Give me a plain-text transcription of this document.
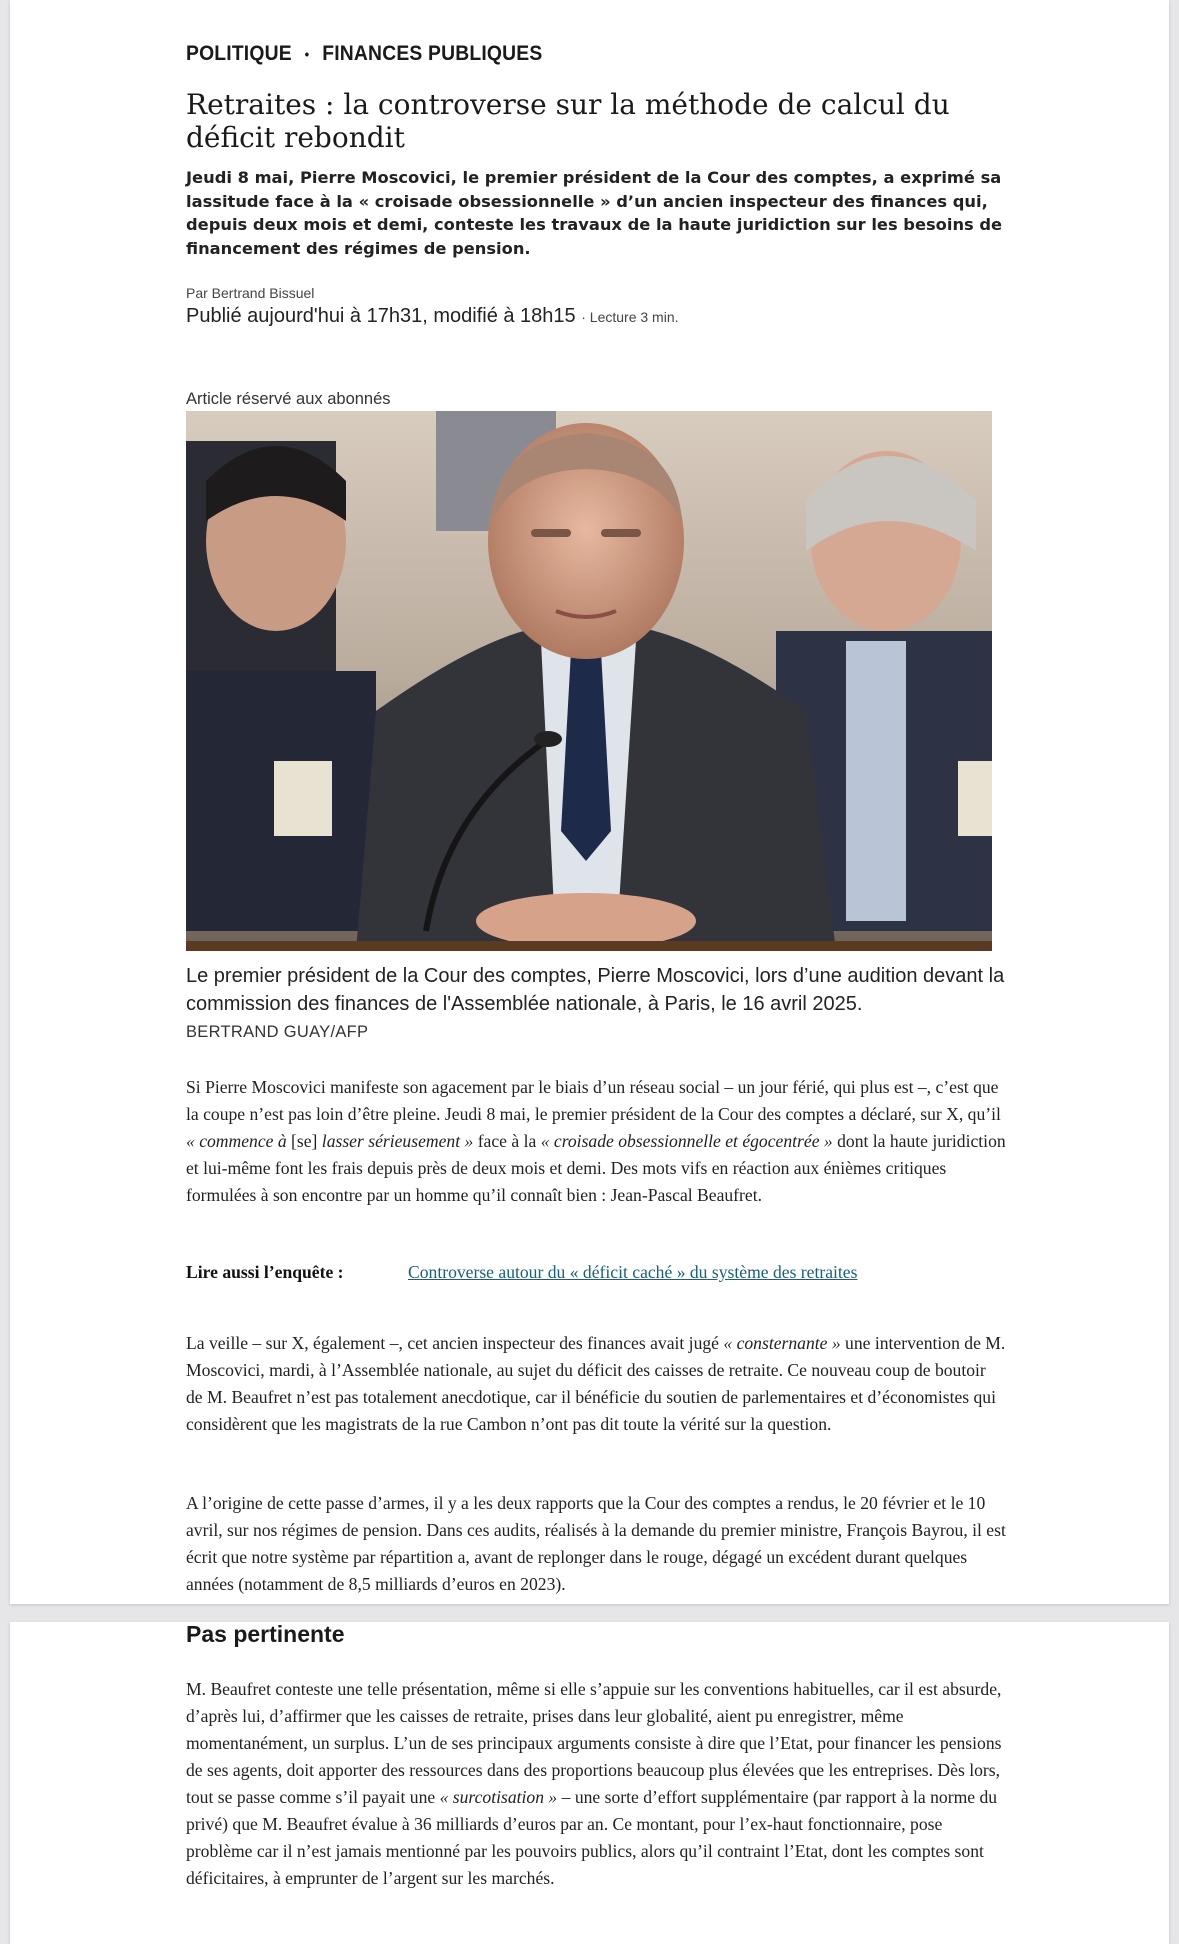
POLITIQUE • FINANCES PUBLIQUES
Retraites : la controverse sur la méthode de calcul du déficit rebondit

Jeudi 8 mai, Pierre Moscovici, le premier président de la Cour des comptes, a exprimé sa lassitude face à la « croisade obsessionnelle » d’un ancien inspecteur des finances qui, depuis deux mois et demi, conteste les travaux de la haute juridiction sur les besoins de financement des régimes de pension.

Par Bertrand Bissuel
Publié aujourd'hui à 17h31, modifié à 18h15 · Lecture 3 min.
Article réservé aux abonnés

Le premier président de la Cour des comptes, Pierre Moscovici, lors d’une audition devant la commission des finances de l'Assemblée nationale, à Paris, le 16 avril 2025.

BERTRAND GUAY/AFP

Si Pierre Moscovici manifeste son agacement par le biais d’un réseau social – un jour férié, qui plus est –, c’est que la coupe n’est pas loin d’être pleine. Jeudi 8 mai, le premier président de la Cour des comptes a déclaré, sur X, qu’il « commence à [se] lasser sérieusement » face à la « croisade obsessionnelle et égocentrée » dont la haute juridiction et lui-même font les frais depuis près de deux mois et demi. Des mots vifs en réaction aux énièmes critiques formulées à son encontre par un homme qu’il connaît bien : Jean-Pascal Beaufret.

Lire aussi l’enquête :	Controverse autour du « déficit caché » du système des retraites

La veille – sur X, également –, cet ancien inspecteur des finances avait jugé « consternante » une intervention de M. Moscovici, mardi, à l’Assemblée nationale, au sujet du déficit des caisses de retraite. Ce nouveau coup de boutoir de M. Beaufret n’est pas totalement anecdotique, car il bénéficie du soutien de parlementaires et d’économistes qui considèrent que les magistrats de la rue Cambon n’ont pas dit toute la vérité sur la question.

A l’origine de cette passe d’armes, il y a les deux rapports que la Cour des comptes a rendus, le 20 février et le 10 avril, sur nos régimes de pension. Dans ces audits, réalisés à la demande du premier ministre, François Bayrou, il est écrit que notre système par répartition a, avant de replonger dans le rouge, dégagé un excédent durant quelques années (notamment de 8,5 milliards d’euros en 2023).

Pas pertinente

M. Beaufret conteste une telle présentation, même si elle s’appuie sur les conventions habituelles, car il est absurde, d’après lui, d’affirmer que les caisses de retraite, prises dans leur globalité, aient pu enregistrer, même momentanément, un surplus. L’un de ses principaux arguments consiste à dire que l’Etat, pour financer les pensions de ses agents, doit apporter des ressources dans des proportions beaucoup plus élevées que les entreprises. Dès lors, tout se passe comme s’il payait une « surcotisation » – une sorte d’effort supplémentaire (par rapport à la norme du privé) que M. Beaufret évalue à 36 milliards d’euros par an. Ce montant, pour l’ex-haut fonctionnaire, pose problème car il n’est jamais mentionné par les pouvoirs publics, alors qu’il contraint l’Etat, dont les comptes sont déficitaires, à emprunter de l’argent sur les marchés.
